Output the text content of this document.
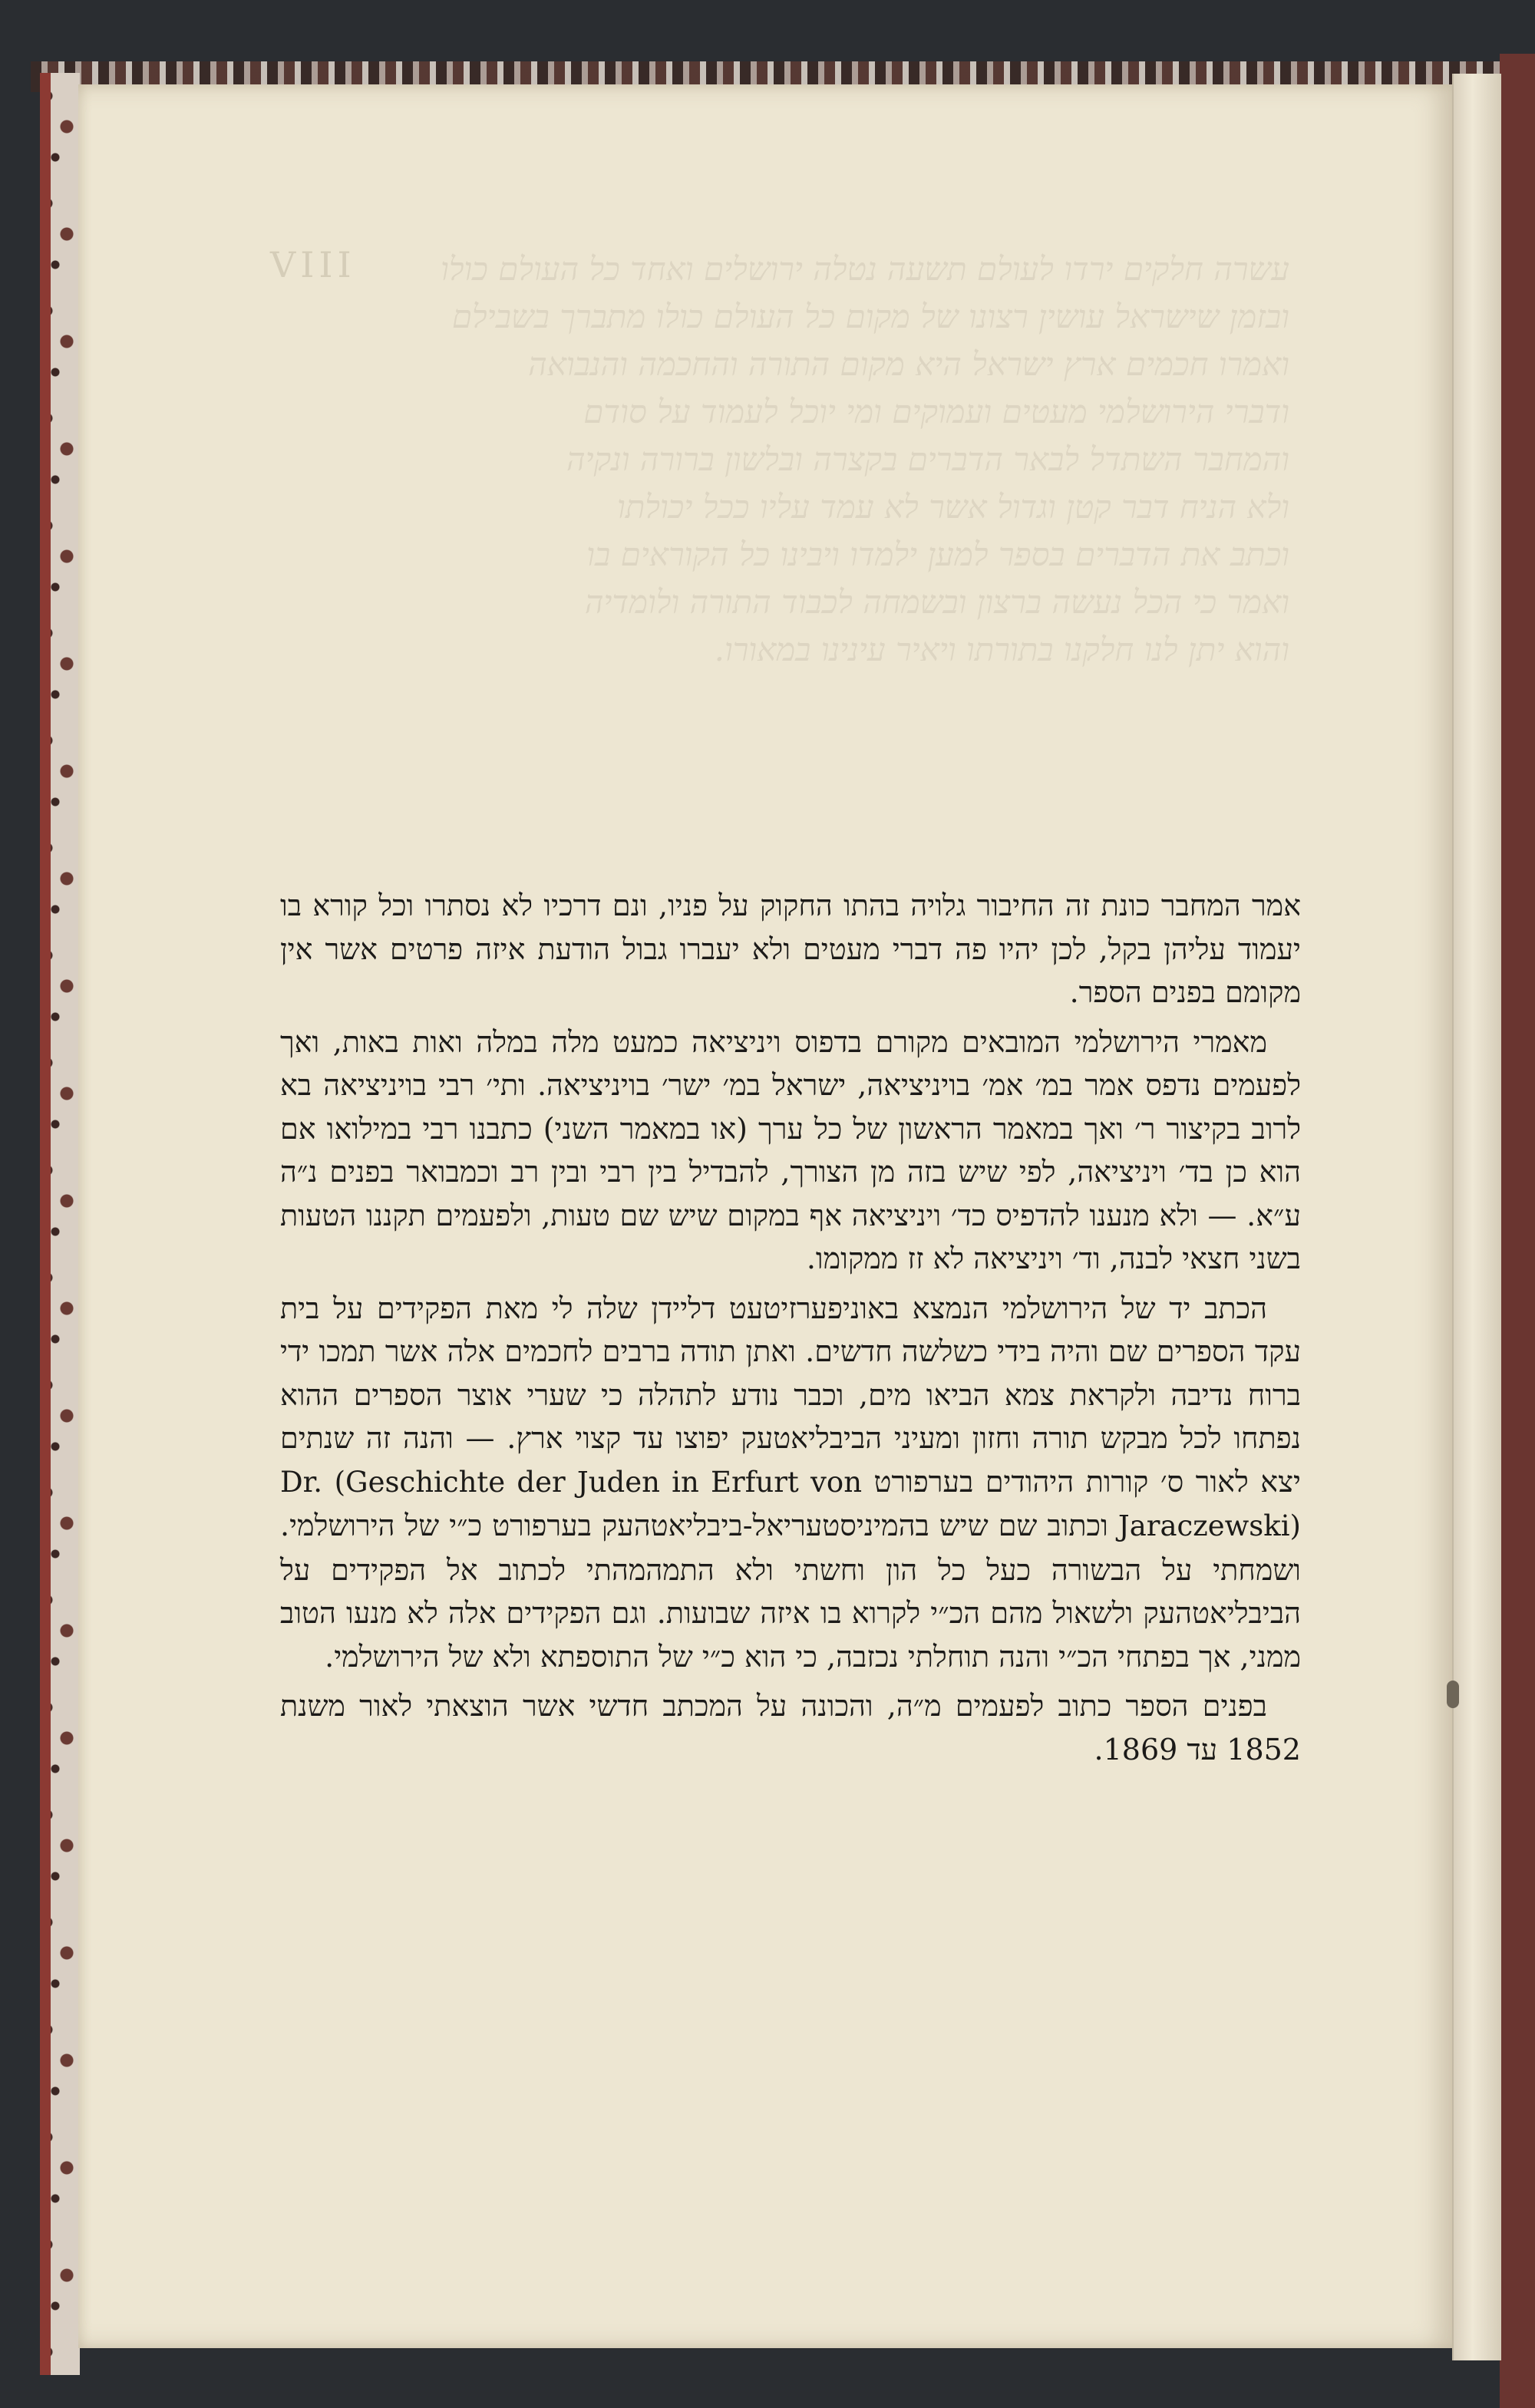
VIII	עשרה חלקים ירדו לעולם תשעה נטלה ירושלים ואחד כל העולם כולו
ובזמן שישראל עושין רצונו של מקום כל העולם כולו מתברך בשבילם
ואמרו חכמים ארץ ישראל היא מקום התורה והחכמה והנבואה
ודברי הירושלמי מעטים ועמוקים ומי יוכל לעמוד על סודם
והמחבר השתדל לבאר הדברים בקצרה ובלשון ברורה ונקיה
ולא הניח דבר קטן וגדול אשר לא עמד עליו ככל יכולתו
וכתב את הדברים בספר למען ילמדו ויבינו כל הקוראים בו
ואמר כי הכל נעשה ברצון ובשמחה לכבוד התורה ולומדיה
והוא יתן לנו חלקנו בתורתו ויאיר עינינו במאורו.

אמר המחבר כונת זה החיבור גלויה בהתו החקוק על פניו, ונם דרכיו לא נסתרו וכל קורא בו יעמוד עליהן בקל, לכן יהיו פה דברי מעטים ולא יעברו גבול הודעת איזה פרטים אשר אין מקומם בפנים הספר.

מאמרי הירושלמי המובאים מקורם בדפוס ויניציאה כמעט מלה במלה ואות באות, ואך לפעמים נדפס אמר במ׳ אמ׳ בויניציאה, ישראל במ׳ ישר׳ בויניציאה. ותי׳ רבי בויניציאה בא לרוב בקיצור ר׳ ואך במאמר הראשון של כל ערך (או במאמר השני) כתבנו רבי במילואו אם הוא כן בד׳ ויניציאה, לפי שיש בזה מן הצורך, להבדיל בין רבי ובין רב וכמבואר בפנים נ״ה ע״א. — ולא מנענו להדפיס כד׳ ויניציאה אף במקום שיש שם טעות, ולפעמים תקננו הטעות בשני חצאי לבנה, וד׳ ויניציאה לא זז ממקומו.

הכתב יד של הירושלמי הנמצא באוניפערזיטעט דליידן שלה לי מאת הפקידים על בית עקד הספרים שם והיה בידי כשלשה חדשים. ואתן תודה ברבים לחכמים אלה אשר תמכו ידי ברוח נדיבה ולקראת צמא הביאו מים, וכבר נודע לתהלה כי שערי אוצר הספרים ההוא נפתחו לכל מבקש תורה וחזון ומעיני הביבליאטעק יפוצו עד קצוי ארץ. — והנה זה שנתים יצא לאור ס׳ קורות היהודים בערפורט (Geschichte der Juden in Erfurt von Dr. Jaraczewski) וכתוב שם שיש בהמיניסטעריאל-ביבליאטהעק בערפורט כ״י של הירושלמי. ושמחתי על הבשורה כעל כל הון וחשתי ולא התמהמהתי לכתוב אל הפקידים על הביבליאטהעק ולשאול מהם הכ״י לקרוא בו איזה שבועות. וגם הפקידים אלה לא מנעו הטוב ממני, אך בפתחי הכ״י והנה תוחלתי נכזבה, כי הוא כ״י של התוספתא ולא של הירושלמי.

בפנים הספר כתוב לפעמים מ״ה, והכונה על המכתב חדשי אשר הוצאתי לאור משנת 1852 עד 1869.
